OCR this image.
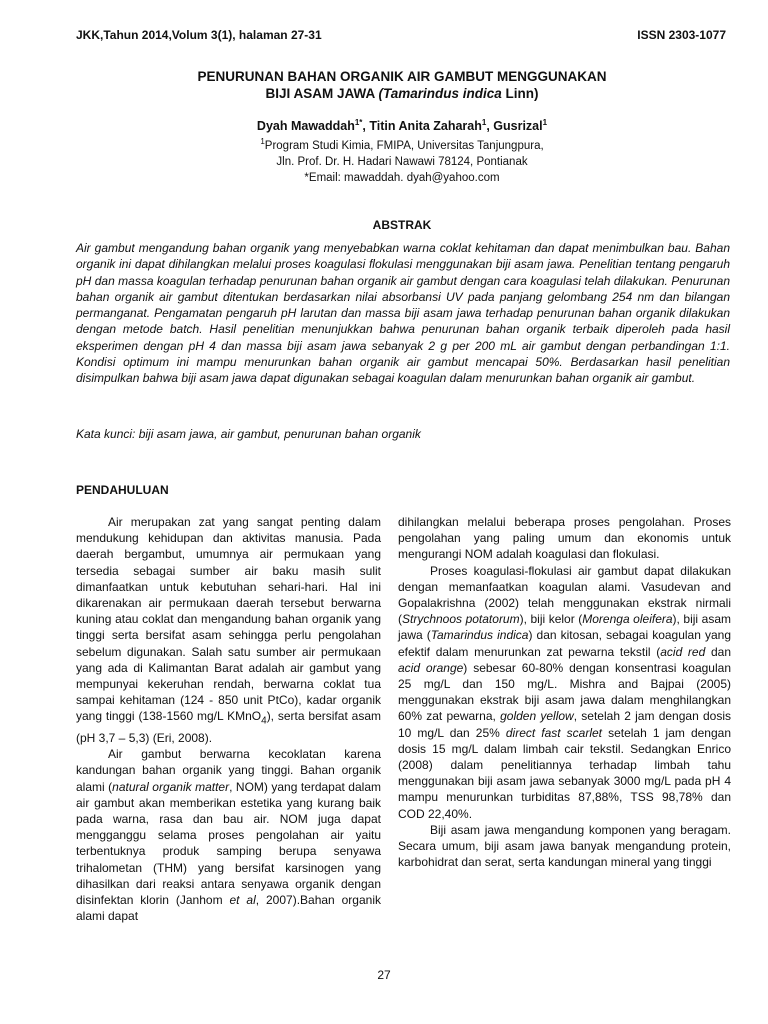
JKK,Tahun 2014,Volum 3(1), halaman 27-31	ISSN 2303-1077
PENURUNAN BAHAN ORGANIK AIR GAMBUT MENGGUNAKAN
BIJI ASAM JAWA (Tamarindus indica Linn)
Dyah Mawaddah$^{1*}$, Titin Anita Zaharah$^1$, Gusrizal$^1$
$^1$Program Studi Kimia, FMIPA, Universitas Tanjungpura,
Jln. Prof. Dr. H. Hadari Nawawi 78124, Pontianak
*Email: mawaddah. dyah@yahoo.com
ABSTRAK

Air gambut mengandung bahan organik yang menyebabkan warna coklat kehitaman dan dapat menimbulkan bau. Bahan organik ini dapat dihilangkan melalui proses koagulasi flokulasi menggunakan biji asam jawa. Penelitian tentang pengaruh pH dan massa koagulan terhadap penurunan bahan organik air gambut dengan cara koagulasi telah dilakukan. Penurunan bahan organik air gambut ditentukan berdasarkan nilai absorbansi UV pada panjang gelombang 254 nm dan bilangan permanganat. Pengamatan pengaruh pH larutan dan massa biji asam jawa terhadap penurunan bahan organik dilakukan dengan metode batch. Hasil penelitian menunjukkan bahwa penurunan bahan organik terbaik diperoleh pada hasil eksperimen dengan pH 4 dan massa biji asam jawa sebanyak 2 g per 200 mL air gambut dengan perbandingan 1:1. Kondisi optimum ini mampu menurunkan bahan organik air gambut mencapai 50%. Berdasarkan hasil penelitian disimpulkan bahwa biji asam jawa dapat digunakan sebagai koagulan dalam menurunkan bahan organik air gambut.

Kata kunci: biji asam jawa, air gambut, penurunan bahan organik

PENDAHULUAN

Air merupakan zat yang sangat penting dalam mendukung kehidupan dan aktivitas manusia. Pada daerah bergambut, umumnya air permukaan yang tersedia sebagai sumber air baku masih sulit dimanfaatkan untuk kebutuhan sehari-hari. Hal ini dikarenakan air permukaan daerah tersebut berwarna kuning atau coklat dan mengandung bahan organik yang tinggi serta bersifat asam sehingga perlu pengolahan sebelum digunakan. Salah satu sumber air permukaan yang ada di Kalimantan Barat adalah air gambut yang mempunyai kekeruhan rendah, berwarna coklat tua sampai kehitaman (124 - 850 unit PtCo), kadar organik yang tinggi (138-1560 mg/L KMnO$_4$), serta bersifat asam (pH 3,7 – 5,3) (Eri, 2008).

Air gambut berwarna kecoklatan karena kandungan bahan organik yang tinggi. Bahan organik alami (natural organik matter, NOM) yang terdapat dalam air gambut akan memberikan estetika yang kurang baik pada warna, rasa dan bau air. NOM juga dapat mengganggu selama proses pengolahan air yaitu terbentuknya produk samping berupa senyawa trihalometan (THM) yang bersifat karsinogen yang dihasilkan dari reaksi antara senyawa organik dengan disinfektan klorin (Janhom et al, 2007).Bahan organik alami dapat

dihilangkan melalui beberapa proses pengolahan. Proses pengolahan yang paling umum dan ekonomis untuk mengurangi NOM adalah koagulasi dan flokulasi.

Proses koagulasi-flokulasi air gambut dapat dilakukan dengan memanfaatkan koagulan alami. Vasudevan and Gopalakrishna (2002) telah menggunakan ekstrak nirmali (Strychnoos potatorum), biji kelor (Morenga oleifera), biji asam jawa (Tamarindus indica) dan kitosan, sebagai koagulan yang efektif dalam menurunkan zat pewarna tekstil (acid red dan acid orange) sebesar 60-80% dengan konsentrasi koagulan 25 mg/L dan 150 mg/L. Mishra and Bajpai (2005) menggunakan ekstrak biji asam jawa dalam menghilangkan 60% zat pewarna, golden yellow, setelah 2 jam dengan dosis 10 mg/L dan 25% direct fast scarlet setelah 1 jam dengan dosis 15 mg/L dalam limbah cair tekstil. Sedangkan Enrico (2008) dalam penelitiannya terhadap limbah tahu menggunakan biji asam jawa sebanyak 3000 mg/L pada pH 4 mampu menurunkan turbiditas 87,88%, TSS 98,78% dan COD 22,40%.

Biji asam jawa mengandung komponen yang beragam. Secara umum, biji asam jawa banyak mengandung protein, karbohidrat dan serat, serta kandungan mineral yang tinggi

27
